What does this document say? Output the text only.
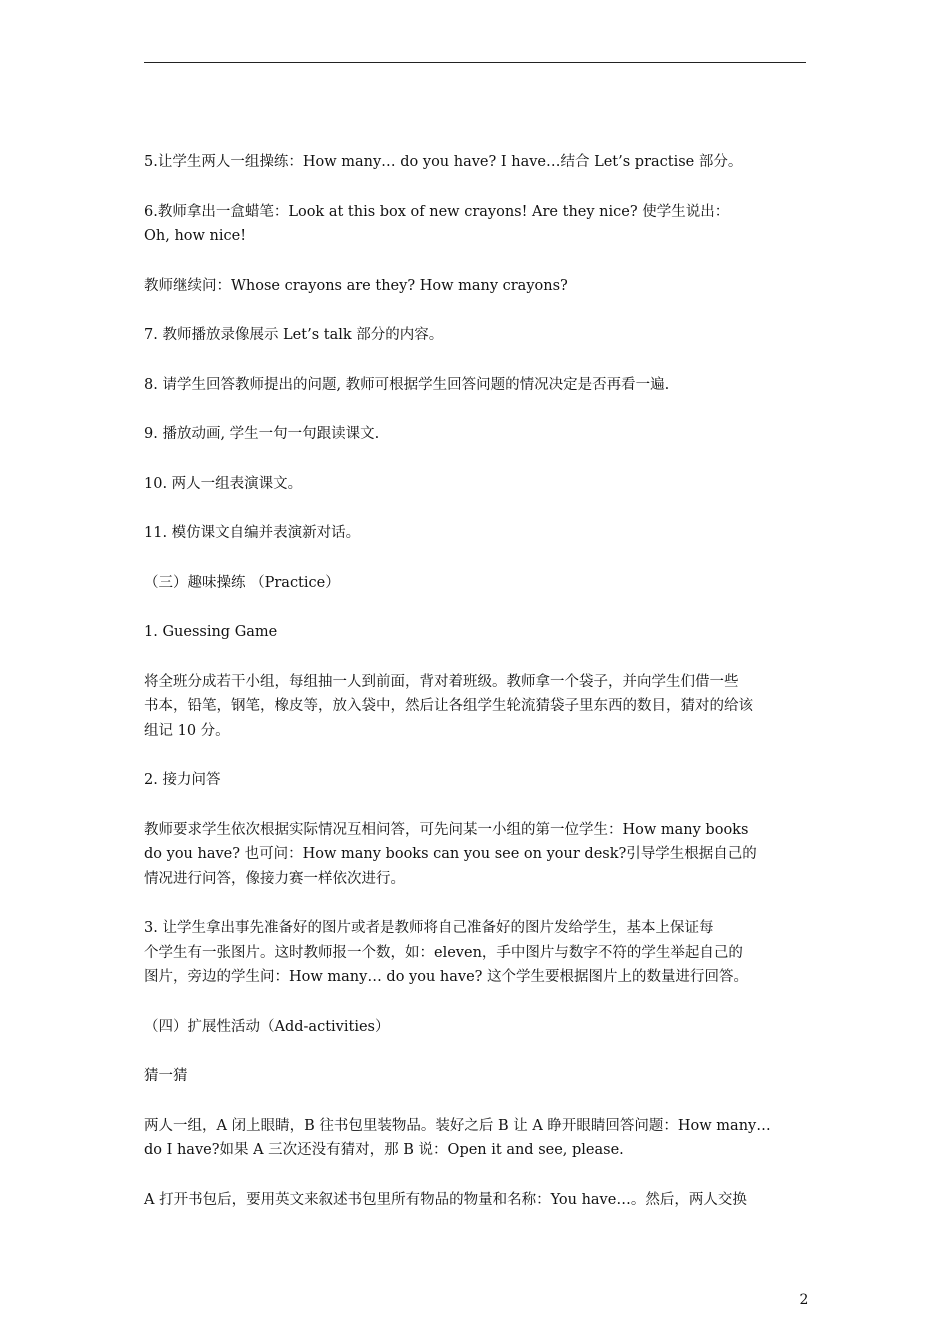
5.让学生两人一组操练：How many… do you have? I have…结合 Let’s practise 部分。
6.教师拿出一盒蜡笔：Look at this box of new crayons! Are they nice? 使学生说出：
Oh, how nice!
教师继续问：Whose crayons are they? How many crayons?
7. 教师播放录像展示 Let’s talk 部分的内容。
8. 请学生回答教师提出的问题, 教师可根据学生回答问题的情况决定是否再看一遍.
9. 播放动画, 学生一句一句跟读课文.
10. 两人一组表演课文。
11. 模仿课文自编并表演新对话。
（三）趣味操练 （Practice）
1. Guessing Game
将全班分成若干小组，每组抽一人到前面，背对着班级。教师拿一个袋子，并向学生们借一些
书本，铅笔，钢笔，橡皮等，放入袋中，然后让各组学生轮流猜袋子里东西的数目，猜对的给该
组记 10 分。
2. 接力问答
教师要求学生依次根据实际情况互相问答，可先问某一小组的第一位学生：How many books
do you have? 也可问：How many books can you see on your desk?引导学生根据自己的
情况进行问答，像接力赛一样依次进行。
3. 让学生拿出事先准备好的图片或者是教师将自己准备好的图片发给学生，基本上保证每
个学生有一张图片。这时教师报一个数，如：eleven，手中图片与数字不符的学生举起自己的
图片，旁边的学生问：How many… do you have? 这个学生要根据图片上的数量进行回答。
（四）扩展性活动（Add-activities）
猜一猜
两人一组，A 闭上眼睛，B 往书包里装物品。装好之后 B 让 A 睁开眼睛回答问题：How many…
do I have?如果 A 三次还没有猜对，那 B 说：Open it and see, please.
A 打开书包后，要用英文来叙述书包里所有物品的物量和名称：You have…。然后，两人交换
2
